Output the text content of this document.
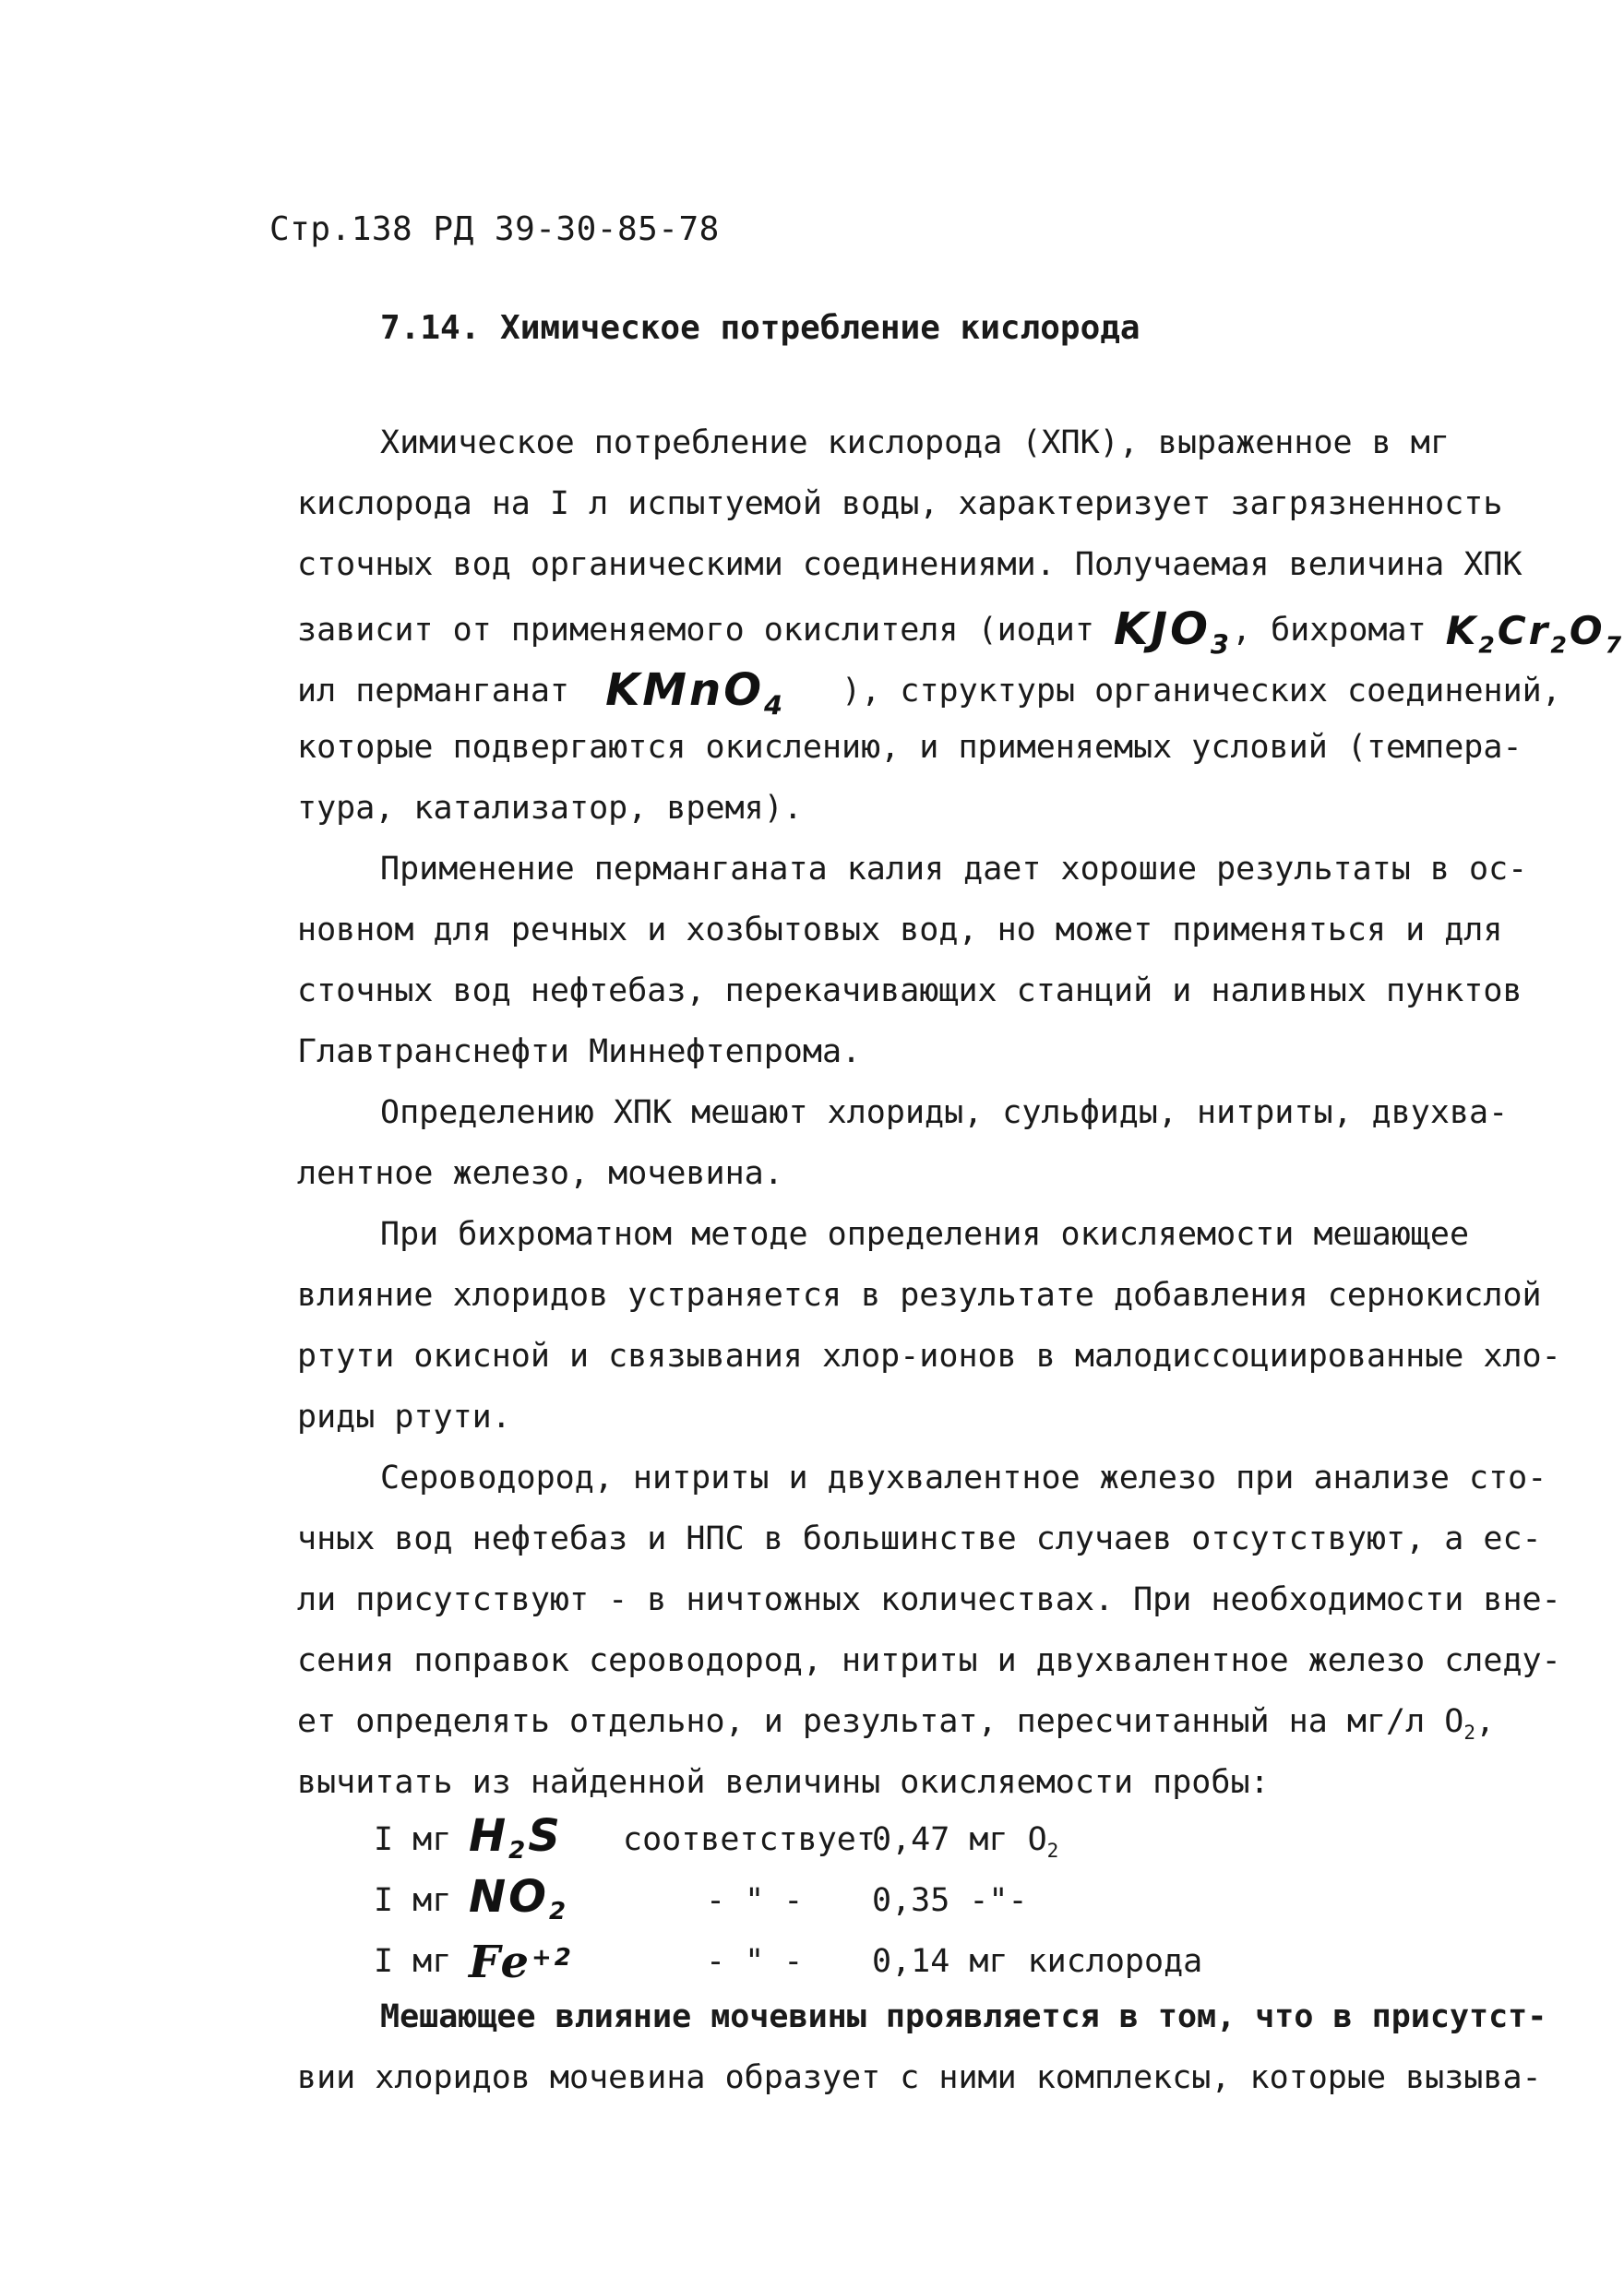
Стр.138 РД 39-30-85-78
7.14. Химическое потребление кислорода
Химическое потребление кислорода (ХПК), выраженное в мг
кислорода на I л испытуемой воды, характеризует загрязненность
сточных вод органическими соединениями. Получаемая величина ХПК
зависит от применяемого окислителя (иодит $KJO_3$, бихромат $K_2Cr_2O_7$
ил перманганат KMnO$_4$ ), структуры органических соединений,
которые подвергаются окислению, и применяемых условий (темпера-
тура, катализатор, время).
Применение перманганата калия дает хорошие результаты в ос-
новном для речных и хозбытовых вод, но может применяться и для
сточных вод нефтебаз, перекачивающих станций и наливных пунктов
Главтранснефти Миннефтепрома.
Определению ХПК мешают хлориды, сульфиды, нитриты, двухва-
лентное железо, мочевина.
При бихроматном методе определения окисляемости мешающее
влияние хлоридов устраняется в результате добавления сернокислой
ртути окисной и связывания хлор-ионов в малодиссоциированные хло-
риды ртути.
Сероводород, нитриты и двухвалентное железо при анализе сто-
чных вод нефтебаз и НПС в большинстве случаев отсутствуют, а ес-
ли присутствуют - в ничтожных количествах. При необходимости вне-
сения поправок сероводород, нитриты и двухвалентное железо следу-
ет определять отдельно, и результат, пересчитанный на мг/л $O_2$,
вычитать из найденной величины окисляемости пробы:
I мг $H_2S$ соответствует
0,47 мг $O_2$
I мг $NO_2$	- " - 0,35 -"-
I мг $Fe^{+2}$	- " - 0,14 мг кислорода
Мешающее влияние мочевины проявляется в том, что в присутст-
вии хлоридов мочевина образует с ними комплексы, которые вызыва-
